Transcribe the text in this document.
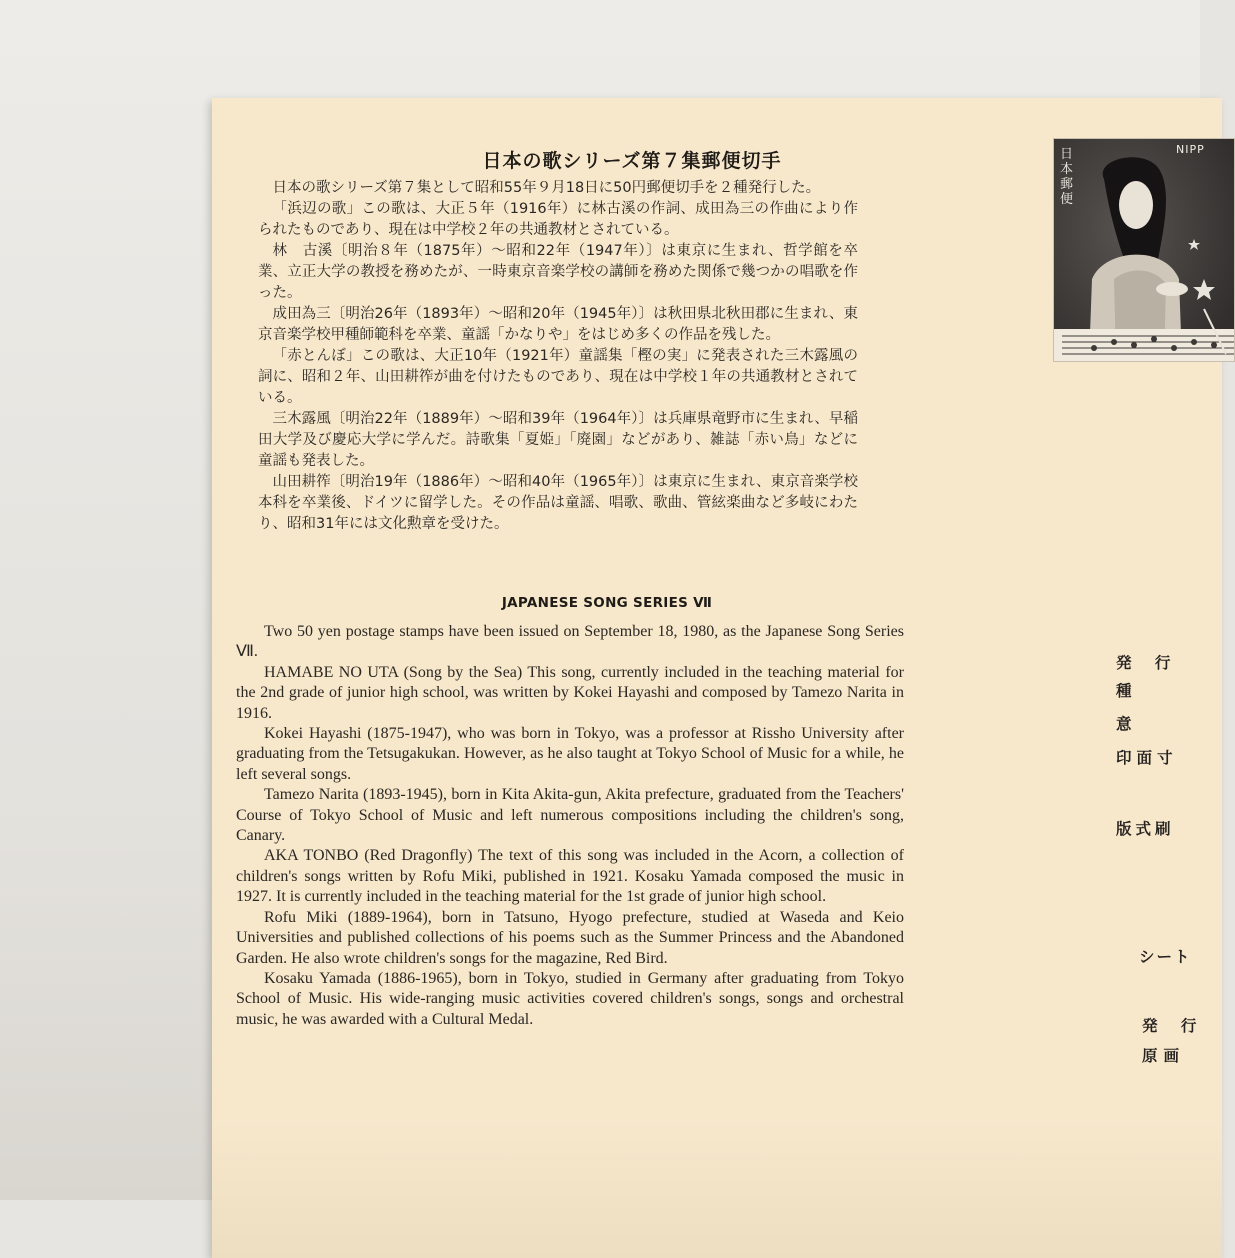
日本の歌シリーズ第７集郵便切手

日本の歌シリーズ第７集として昭和55年９月18日に50円郵便切手を２種発行した。

「浜辺の歌」この歌は、大正５年（1916年）に林古溪の作詞、成田為三の作曲により作られたものであり、現在は中学校２年の共通教材とされている。

林　古溪〔明治８年（1875年）～昭和22年（1947年）〕は東京に生まれ、哲学館を卒業、立正大学の教授を務めたが、一時東京音楽学校の講師を務めた関係で幾つかの唱歌を作った。

成田為三〔明治26年（1893年）～昭和20年（1945年）〕は秋田県北秋田郡に生まれ、東京音楽学校甲種師範科を卒業、童謡「かなりや」をはじめ多くの作品を残した。

「赤とんぼ」この歌は、大正10年（1921年）童謡集「樫の実」に発表された三木露風の詞に、昭和２年、山田耕筰が曲を付けたものであり、現在は中学校１年の共通教材とされている。

三木露風〔明治22年（1889年）～昭和39年（1964年）〕は兵庫県竜野市に生まれ、早稲田大学及び慶応大学に学んだ。詩歌集「夏姫」「廃園」などがあり、雑誌「赤い鳥」などに童謡も発表した。

山田耕筰〔明治19年（1886年）～昭和40年（1965年）〕は東京に生まれ、東京音楽学校本科を卒業後、ドイツに留学した。その作品は童謡、唱歌、歌曲、管絃楽曲など多岐にわたり、昭和31年には文化勲章を受けた。

JAPANESE SONG SERIES Ⅶ

Two 50 yen postage stamps have been issued on September 18, 1980, as the Japanese Song Series Ⅶ.

HAMABE NO UTA (Song by the Sea) This song, currently included in the teaching material for the 2nd grade of junior high school, was written by Kokei Hayashi and composed by Tamezo Narita in 1916.

Kokei Hayashi (1875-1947), who was born in Tokyo, was a professor at Rissho University after graduating from the Tetsugakukan. However, as he also taught at Tokyo School of Music for a while, he left several songs.

Tamezo Narita (1893-1945), born in Kita Akita-gun, Akita prefecture, graduated from the Teachers' Course of Tokyo School of Music and left numerous compositions including the children's song, Canary.

AKA TONBO (Red Dragonfly) The text of this song was included in the Acorn, a collection of children's songs written by Rofu Miki, published in 1921. Kosaku Yamada composed the music in 1927. It is currently included in the teaching material for the 1st grade of junior high school.

Rofu Miki (1889-1964), born in Tatsuno, Hyogo prefecture, studied at Waseda and Keio Universities and published collections of his poems such as the Summer Princess and the Abandoned Garden. He also wrote children's songs for the magazine, Red Bird.

Kosaku Yamada (1886-1965), born in Tokyo, studied in Germany after graduating from Tokyo School of Music. His wide-ranging music activities covered children's songs, songs and orchestral music, he was awarded with a Cultural Medal.

NIPP
日本郵便
発 行
種
意
印面寸
版式刷
シート
発 行
原画
